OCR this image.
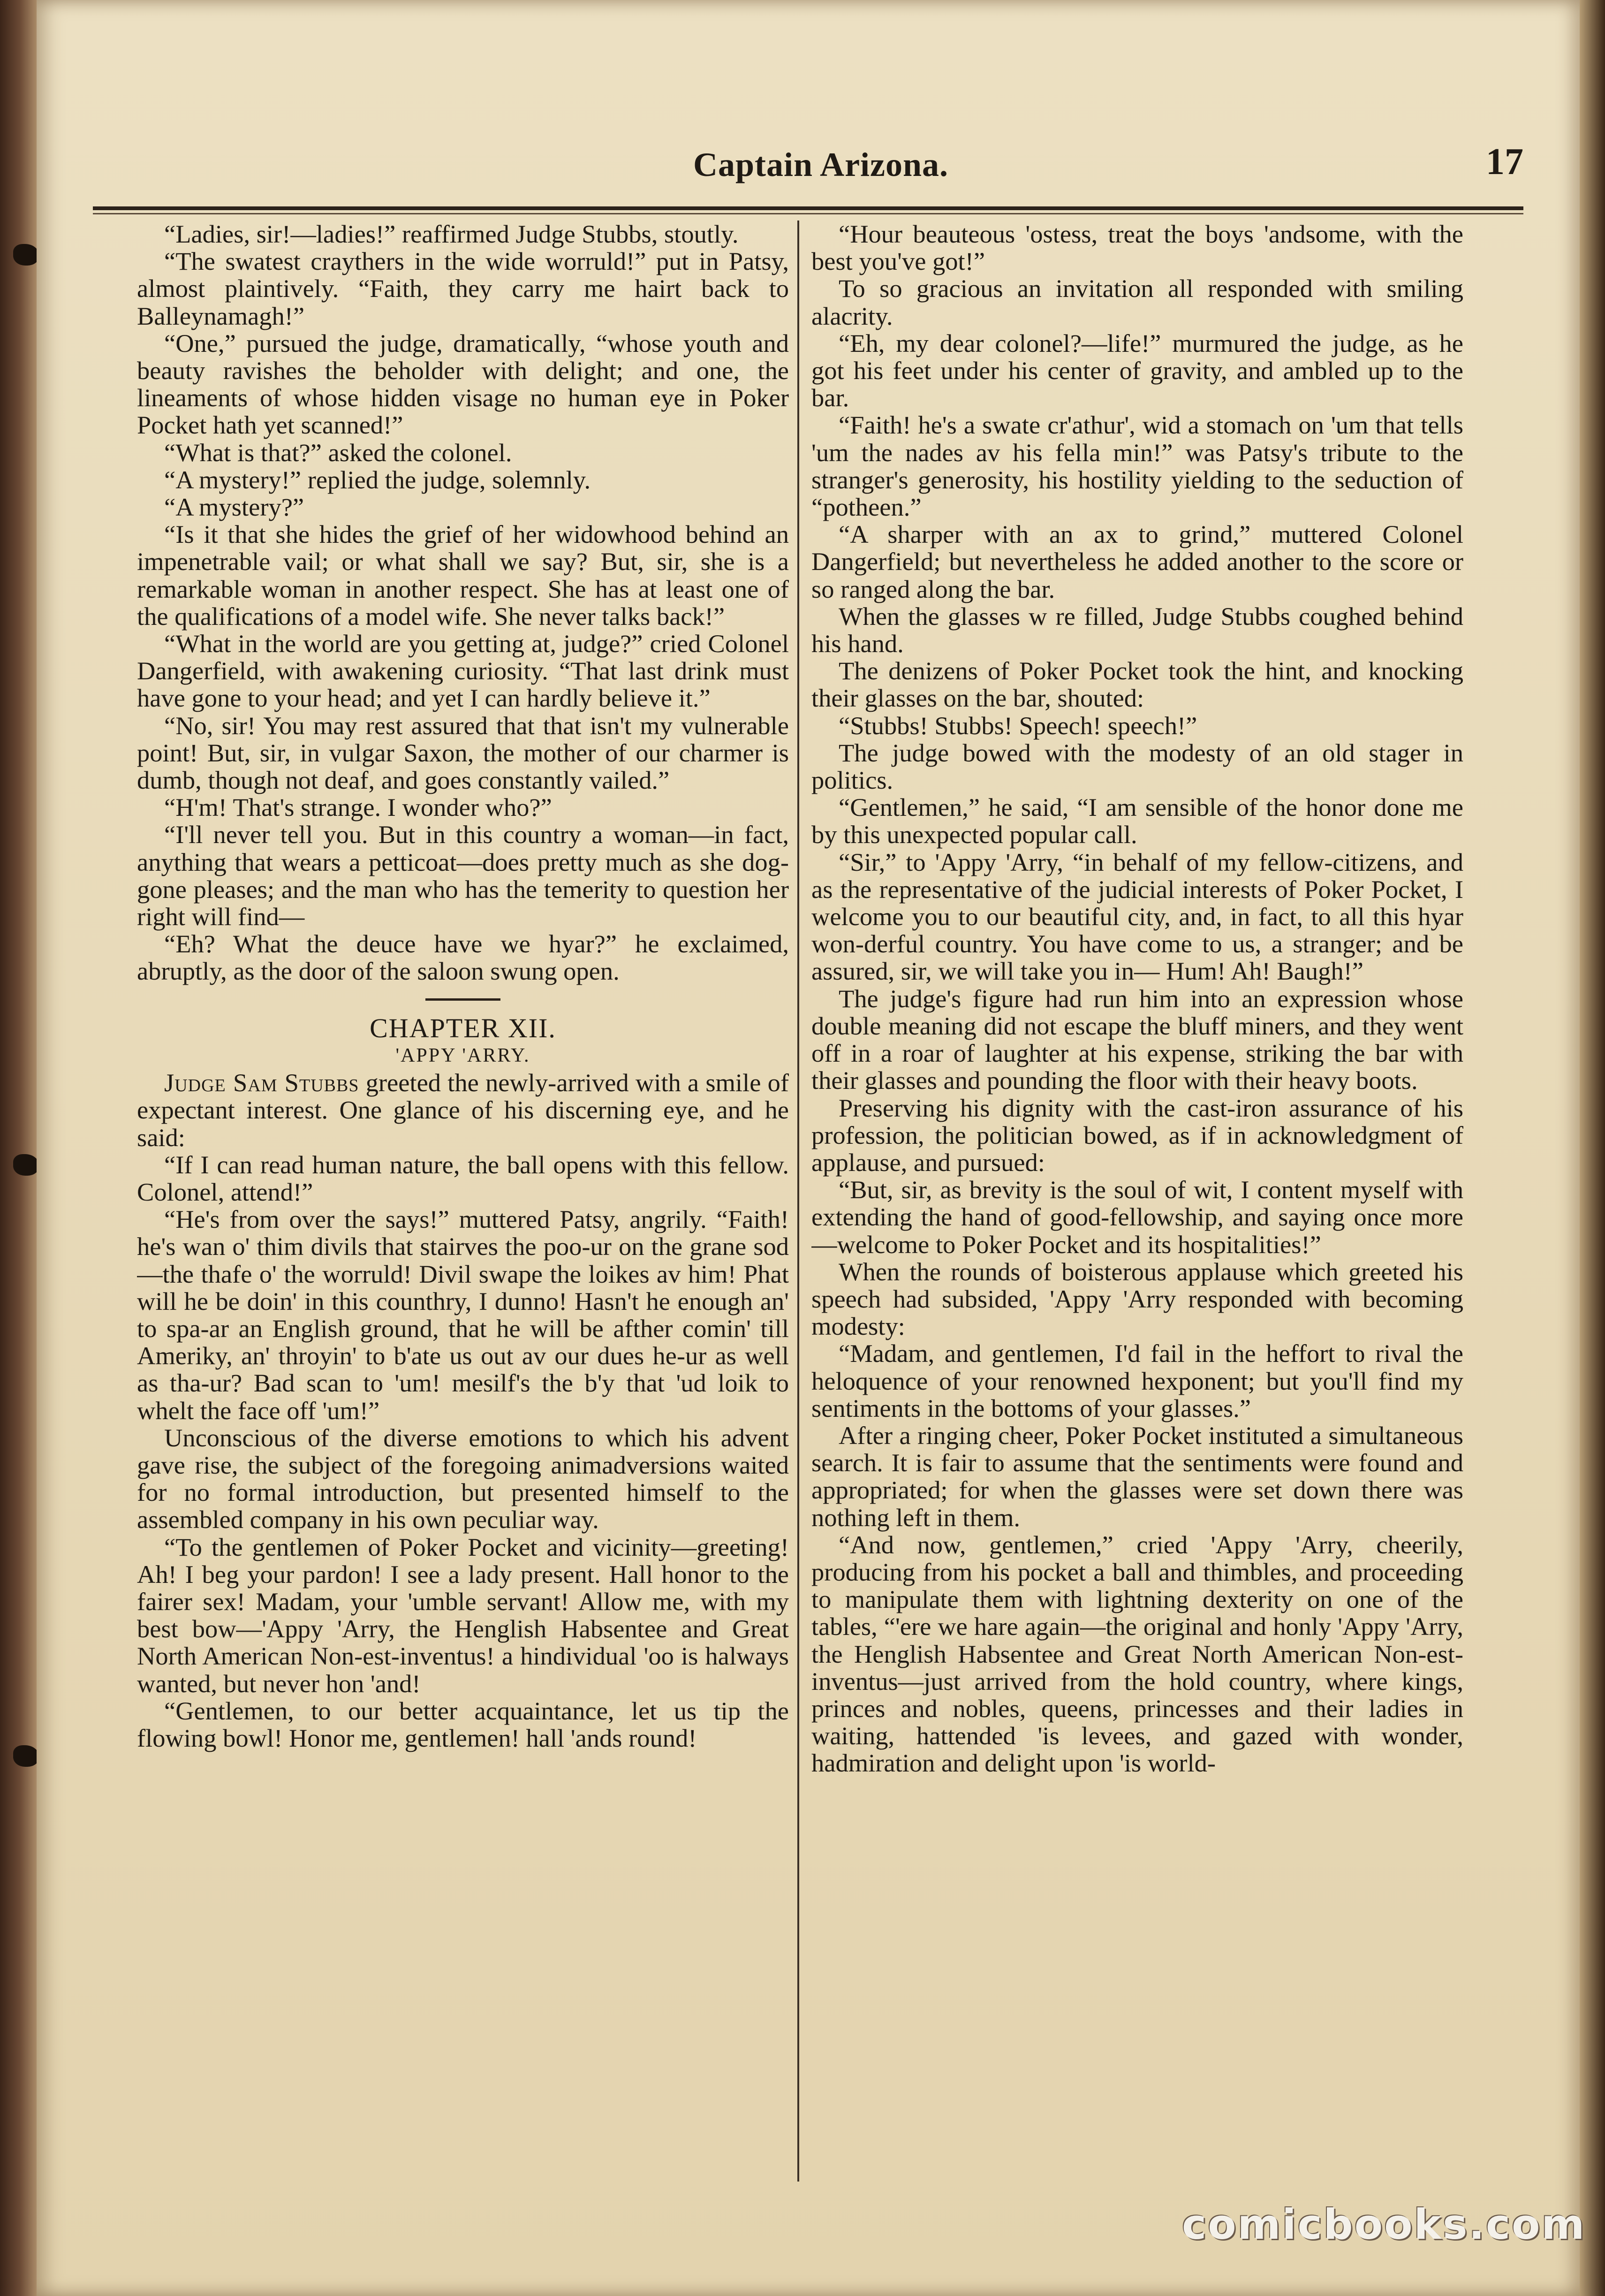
Captain Arizona.	17

“Ladies, sir!—ladies!” reaffirmed Judge Stubbs, stoutly.

“The swatest craythers in the wide worruld!” put in Patsy, almost plaintively. “Faith, they carry me hairt back to Balleynamagh!”

“One,” pursued the judge, dramatically, “whose youth and beauty ravishes the beholder with delight; and one, the lineaments of whose hidden visage no human eye in Poker Pocket hath yet scanned!”

“What is that?” asked the colonel.

“A mystery!” replied the judge, solemnly.

“A mystery?”

“Is it that she hides the grief of her widowhood behind an impenetrable vail; or what shall we say? But, sir, she is a remarkable woman in another respect. She has at least one of the qualifications of a model wife. She never talks back!”

“What in the world are you getting at, judge?” cried Colonel Dangerfield, with awakening curiosity. “That last drink must have gone to your head; and yet I can hardly believe it.”

“No, sir! You may rest assured that that isn't my vulnerable point! But, sir, in vulgar Saxon, the mother of our charmer is dumb, though not deaf, and goes constantly vailed.”

“H'm! That's strange. I wonder who?”

“I'll never tell you. But in this country a woman—in fact, anything that wears a petticoat—does pretty much as she dog-gone pleases; and the man who has the temerity to question her right will find—

“Eh? What the deuce have we hyar?” he exclaimed, abruptly, as the door of the saloon swung open.

CHAPTER XII.

'APPY 'ARRY.

Judge Sam Stubbs greeted the newly-arrived with a smile of expectant interest. One glance of his discerning eye, and he said:

“If I can read human nature, the ball opens with this fellow. Colonel, attend!”

“He's from over the says!” muttered Patsy, angrily. “Faith! he's wan o' thim divils that stairves the poo-ur on the grane sod—the thafe o' the worruld! Divil swape the loikes av him! Phat will he be doin' in this counthry, I dunno! Hasn't he enough an' to spa-ar an English ground, that he will be afther comin' till Ameriky, an' throyin' to b'ate us out av our dues he-ur as well as tha-ur? Bad scan to 'um! mesilf's the b'y that 'ud loik to whelt the face off 'um!”

Unconscious of the diverse emotions to which his advent gave rise, the subject of the foregoing animadversions waited for no formal introduction, but presented himself to the assembled company in his own peculiar way.

“To the gentlemen of Poker Pocket and vicinity—greeting! Ah! I beg your pardon! I see a lady present. Hall honor to the fairer sex! Madam, your 'umble servant! Allow me, with my best bow—'Appy 'Arry, the Henglish Habsentee and Great North American Non-est-inventus! a hindividual 'oo is halways wanted, but never hon 'and!

“Gentlemen, to our better acquaintance, let us tip the flowing bowl! Honor me, gentlemen! hall 'ands round!

“Hour beauteous 'ostess, treat the boys 'andsome, with the best you've got!”

To so gracious an invitation all responded with smiling alacrity.

“Eh, my dear colonel?—life!” murmured the judge, as he got his feet under his center of gravity, and ambled up to the bar.

“Faith! he's a swate cr'athur', wid a stomach on 'um that tells 'um the nades av his fella min!” was Patsy's tribute to the stranger's generosity, his hostility yielding to the seduction of “potheen.”

“A sharper with an ax to grind,” muttered Colonel Dangerfield; but nevertheless he added another to the score or so ranged along the bar.

When the glasses w re filled, Judge Stubbs coughed behind his hand.

The denizens of Poker Pocket took the hint, and knocking their glasses on the bar, shouted:

“Stubbs! Stubbs! Speech! speech!”

The judge bowed with the modesty of an old stager in politics.

“Gentlemen,” he said, “I am sensible of the honor done me by this unexpected popular call.

“Sir,” to 'Appy 'Arry, “in behalf of my fellow-citizens, and as the representative of the judicial interests of Poker Pocket, I welcome you to our beautiful city, and, in fact, to all this hyar won-derful country. You have come to us, a stranger; and be assured, sir, we will take you in— Hum! Ah! Baugh!”

The judge's figure had run him into an expression whose double meaning did not escape the bluff miners, and they went off in a roar of laughter at his expense, striking the bar with their glasses and pounding the floor with their heavy boots.

Preserving his dignity with the cast-iron assurance of his profession, the politician bowed, as if in acknowledgment of applause, and pursued:

“But, sir, as brevity is the soul of wit, I content myself with extending the hand of good-fellowship, and saying once more—welcome to Poker Pocket and its hospitalities!”

When the rounds of boisterous applause which greeted his speech had subsided, 'Appy 'Arry responded with becoming modesty:

“Madam, and gentlemen, I'd fail in the heffort to rival the heloquence of your renowned hexponent; but you'll find my sentiments in the bottoms of your glasses.”

After a ringing cheer, Poker Pocket instituted a simultaneous search. It is fair to assume that the sentiments were found and appropriated; for when the glasses were set down there was nothing left in them.

“And now, gentlemen,” cried 'Appy 'Arry, cheerily, producing from his pocket a ball and thimbles, and proceeding to manipulate them with lightning dexterity on one of the tables, “'ere we hare again—the original and honly 'Appy 'Arry, the Henglish Habsentee and Great North American Non-est-inventus—just arrived from the hold country, where kings, princes and nobles, queens, princesses and their ladies in waiting, hattended 'is levees, and gazed with wonder, hadmiration and delight upon 'is world-

comicbooks.com
